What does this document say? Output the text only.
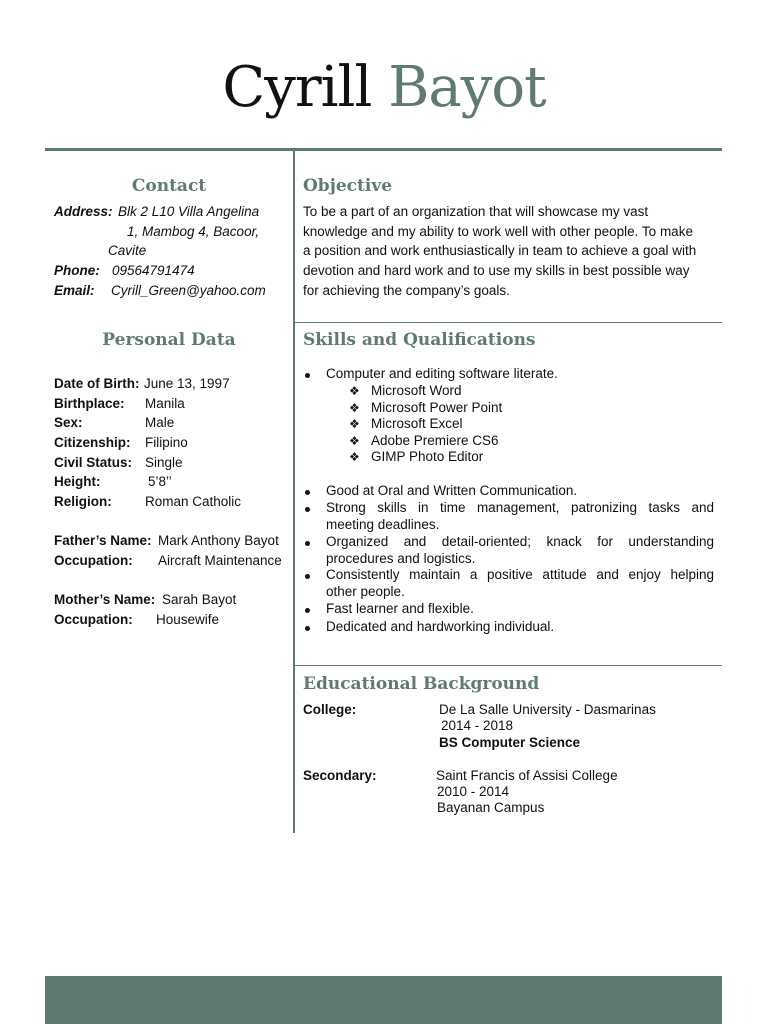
Cyrill Bayot
Contact
Address: Blk 2 L10 Villa Angelina
1, Mambog 4, Bacoor,
Cavite
Phone: 09564791474
Email: Cyrill_Green@yahoo.com
Personal Data
Date of Birth: June 13, 1997
Birthplace: Manila
Sex:	Male
Citizenship: Filipino
Civil Status: Single
Height:	5’8’’
Religion: Roman Catholic
Father’s Name: Mark Anthony Bayot
Occupation: Aircraft Maintenance
Mother’s Name: Sarah Bayot
Occupation: Housewife
Objective
To be a part of an organization that will showcase my vast
knowledge and my ability to work well with other people. To make
a position and work enthusiastically in team to achieve a goal with
devotion and hard work and to use my skills in best possible way
for achieving the company’s goals.
Skills and Qualifications
Computer and editing software literate.
❖ Microsoft Word
❖ Microsoft Power Point
❖ Microsoft Excel
❖ Adobe Premiere CS6
❖ GIMP Photo Editor
Good at Oral and Written Communication.
Strong skills in time management, patronizing tasks and
meeting deadlines.
Organized and detail-oriented; knack for understanding
procedures and logistics.
Consistently maintain a positive attitude and enjoy helping
other people.
Fast learner and flexible.
Dedicated and hardworking individual.
Educational Background
College:	De La Salle University - Dasmarinas
2014 - 2018
BS Computer Science
Secondary:	Saint Francis of Assisi College
2010 - 2014
Bayanan Campus
